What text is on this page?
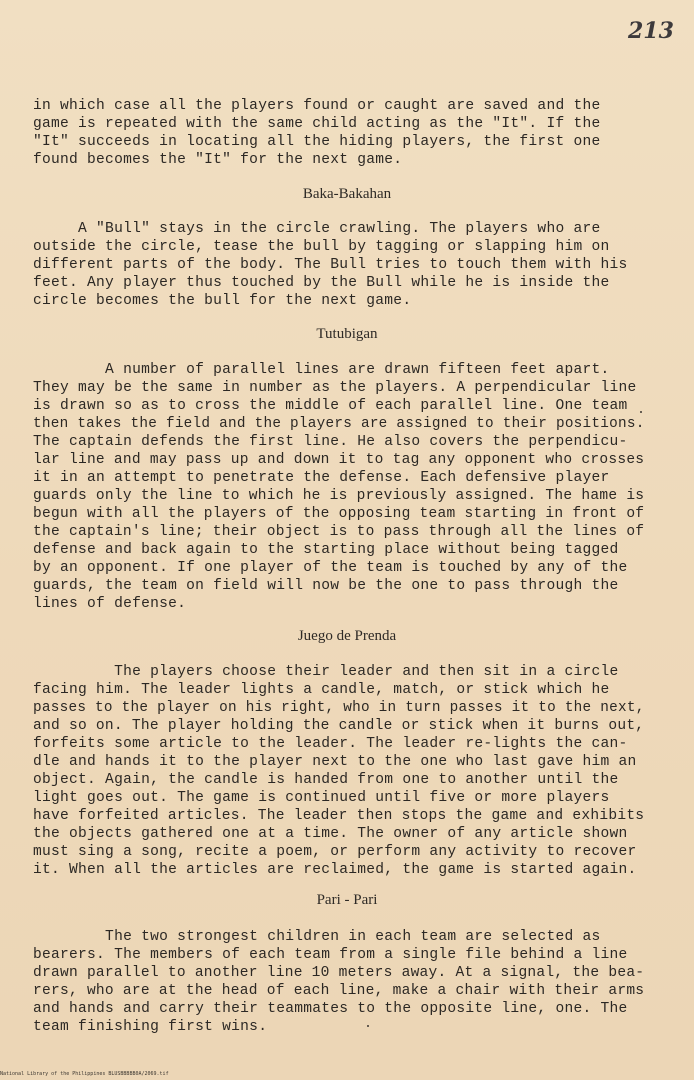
213
in which case all the players found or caught are saved and the
game is repeated with the same child acting as the "It". If the
"It" succeeds in locating all the hiding players, the first one
found becomes the "It" for the next game.
Baka-Bakahan
A "Bull" stays in the circle crawling. The players who are
outside the circle, tease the bull by tagging or slapping him on
different parts of the body. The Bull tries to touch them with his
feet. Any player thus touched by the Bull while he is inside the
circle becomes the bull for the next game.
Tutubigan
A number of parallel lines are drawn fifteen feet apart.
They may be the same in number as the players. A perpendicular line
is drawn so as to cross the middle of each parallel line. One team
then takes the field and the players are assigned to their positions.
The captain defends the first line. He also covers the perpendicu-
lar line and may pass up and down it to tag any opponent who crosses
it in an attempt to penetrate the defense. Each defensive player
guards only the line to which he is previously assigned. The hame is
begun with all the players of the opposing team starting in front of
the captain's line; their object is to pass through all the lines of
defense and back again to the starting place without being tagged
by an opponent. If one player of the team is touched by any of the
guards, the team on field will now be the one to pass through the
lines of defense.
Juego de Prenda
The players choose their leader and then sit in a circle
facing him. The leader lights a candle, match, or stick which he
passes to the player on his right, who in turn passes it to the next,
and so on. The player holding the candle or stick when it burns out,
forfeits some article to the leader. The leader re-lights the can-
dle and hands it to the player next to the one who last gave him an
object. Again, the candle is handed from one to another until the
light goes out. The game is continued until five or more players
have forfeited articles. The leader then stops the game and exhibits
the objects gathered one at a time. The owner of any article shown
must sing a song, recite a poem, or perform any activity to recover
it. When all the articles are reclaimed, the game is started again.
Pari - Pari
The two strongest children in each team are selected as
bearers. The members of each team from a single file behind a line
drawn parallel to another line 10 meters away. At a signal, the bea-
rers, who are at the head of each line, make a chair with their arms
and hands and carry their teammates to the opposite line, one. The
team finishing first wins.
National Library of the Philippines BLUSBBBBB0A/2069.tif
